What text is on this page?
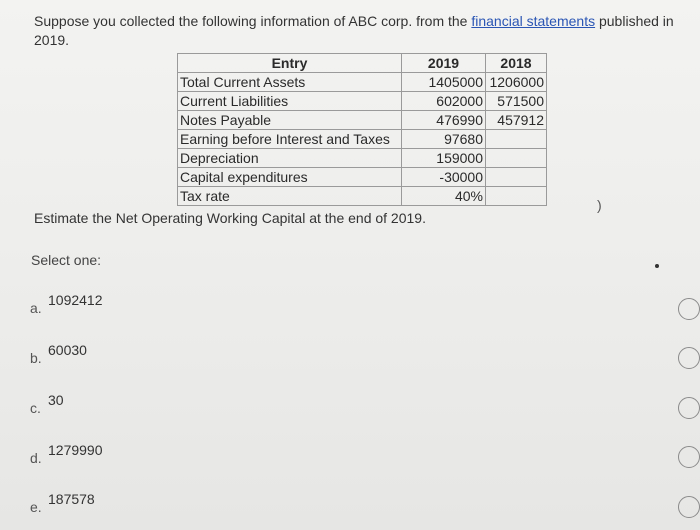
Suppose you collected the following information of ABC corp. from the financial statements published in 2019.
Entry	2019	2018
Total Current Assets	1405000	1206000
Current Liabilities	602000	571500
Notes Payable	476990	457912
Earning before Interest and Taxes	97680	
Depreciation	159000	
Capital expenditures	-30000	
Tax rate	40%	
Estimate the Net Operating Working Capital at the end of 2019.
)
Select one:
a. 1092412
b. 60030
c. 30
d. 1279990
e. 187578
